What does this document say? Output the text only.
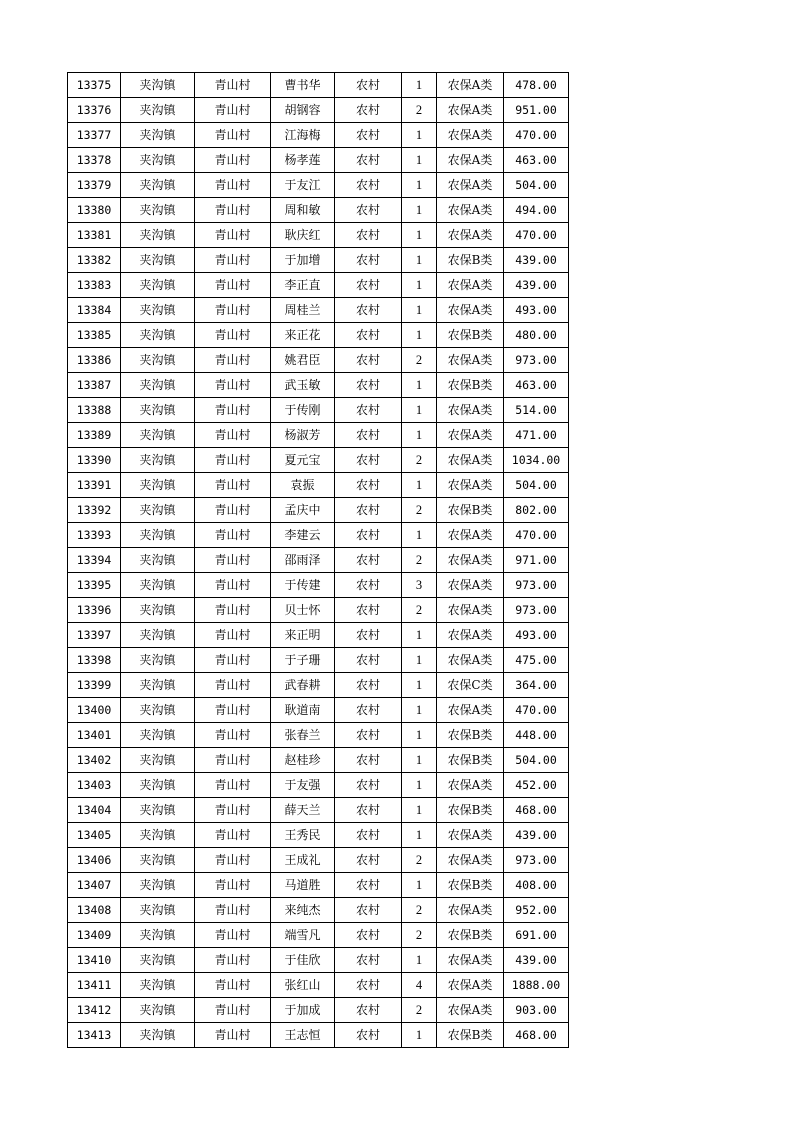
13375	夹沟镇	青山村	曹书华	农村	1	农保A类	478.00
13376	夹沟镇	青山村	胡钢容	农村	2	农保A类	951.00
13377	夹沟镇	青山村	江海梅	农村	1	农保A类	470.00
13378	夹沟镇	青山村	杨孝莲	农村	1	农保A类	463.00
13379	夹沟镇	青山村	于友江	农村	1	农保A类	504.00
13380	夹沟镇	青山村	周和敏	农村	1	农保A类	494.00
13381	夹沟镇	青山村	耿庆红	农村	1	农保A类	470.00
13382	夹沟镇	青山村	于加增	农村	1	农保B类	439.00
13383	夹沟镇	青山村	李正直	农村	1	农保A类	439.00
13384	夹沟镇	青山村	周桂兰	农村	1	农保A类	493.00
13385	夹沟镇	青山村	来正花	农村	1	农保B类	480.00
13386	夹沟镇	青山村	姚君臣	农村	2	农保A类	973.00
13387	夹沟镇	青山村	武玉敏	农村	1	农保B类	463.00
13388	夹沟镇	青山村	于传刚	农村	1	农保A类	514.00
13389	夹沟镇	青山村	杨淑芳	农村	1	农保A类	471.00
13390	夹沟镇	青山村	夏元宝	农村	2	农保A类	1034.00
13391	夹沟镇	青山村	袁振	农村	1	农保A类	504.00
13392	夹沟镇	青山村	孟庆中	农村	2	农保B类	802.00
13393	夹沟镇	青山村	李建云	农村	1	农保A类	470.00
13394	夹沟镇	青山村	邵雨泽	农村	2	农保A类	971.00
13395	夹沟镇	青山村	于传建	农村	3	农保A类	973.00
13396	夹沟镇	青山村	贝士怀	农村	2	农保A类	973.00
13397	夹沟镇	青山村	来正明	农村	1	农保A类	493.00
13398	夹沟镇	青山村	于子珊	农村	1	农保A类	475.00
13399	夹沟镇	青山村	武春耕	农村	1	农保C类	364.00
13400	夹沟镇	青山村	耿道南	农村	1	农保A类	470.00
13401	夹沟镇	青山村	张春兰	农村	1	农保B类	448.00
13402	夹沟镇	青山村	赵桂珍	农村	1	农保B类	504.00
13403	夹沟镇	青山村	于友强	农村	1	农保A类	452.00
13404	夹沟镇	青山村	薛天兰	农村	1	农保B类	468.00
13405	夹沟镇	青山村	王秀民	农村	1	农保A类	439.00
13406	夹沟镇	青山村	王成礼	农村	2	农保A类	973.00
13407	夹沟镇	青山村	马道胜	农村	1	农保B类	408.00
13408	夹沟镇	青山村	来纯杰	农村	2	农保A类	952.00
13409	夹沟镇	青山村	端雪凡	农村	2	农保B类	691.00
13410	夹沟镇	青山村	于佳欣	农村	1	农保A类	439.00
13411	夹沟镇	青山村	张红山	农村	4	农保A类	1888.00
13412	夹沟镇	青山村	于加成	农村	2	农保A类	903.00
13413	夹沟镇	青山村	王志恒	农村	1	农保B类	468.00
